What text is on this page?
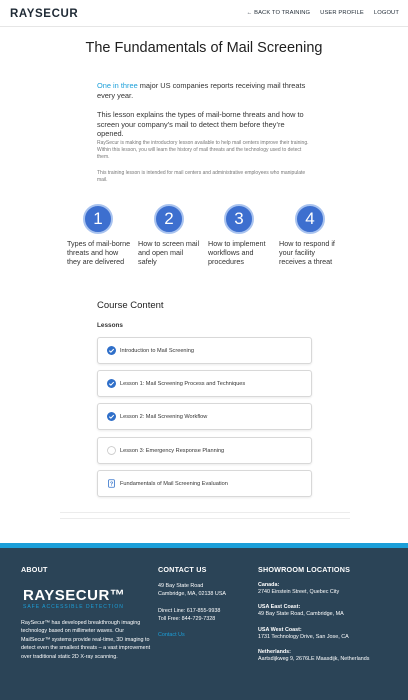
RAYSECUR	← BACK TO TRAINING USER PROFILE LOGOUT
The Fundamentals of Mail Screening

One in three major US companies reports receiving mail threats every year.

This lesson explains the types of mail-borne threats and how to screen your company’s mail to detect them before they’re opened.

RaySecur is making the introductory lesson available to help mail centers improve their training. Within this lesson, you will learn the history of mail threats and the technology used to detect them.

This training lesson is intended for mail centers and administrative employees who manipulate mail.

1
Types of mail-borne threats and how they are delivered
2
How to screen mail and open mail safely
3
How to implement workflows and procedures
4
How to respond if your facility receives a threat
Course Content
Lessons
Introduction to Mail Screening
Lesson 1: Mail Screening Process and Techniques
Lesson 2: Mail Screening Workflow
Lesson 3: Emergency Response Planning
? Fundamentals of Mail Screening Evaluation
ABOUT
RAYSECUR™
SAFE ACCESSIBLE DETECTION
RaySecur™ has developed breakthrough imaging technology based on millimeter waves. Our MailSecur™ systems provide real-time, 3D imaging to detect even the smallest threats – a vast improvement over traditional static 2D X-ray scanning.
CONTACT US
49 Bay State Road
Cambridge, MA, 02138 USA
Direct Line: 617-855-9938
Toll Free: 844-729-7328
Contact Us
SHOWROOM LOCATIONS
Canada:
2740 Einstein Street, Quebec City
USA East Coast:
49 Bay State Road, Cambridge, MA
USA West Coast:
1731 Technology Drive, San Jose, CA
Netherlands:
Aartsdijkweg 9, 2676LE Maasdijk, Netherlands
